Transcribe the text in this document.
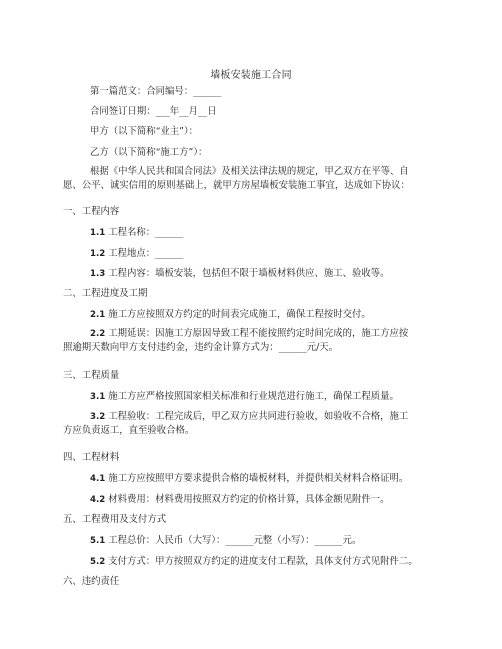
墙板安装施工合同
第一篇范文：合同编号：______
合同签订日期：___年__月__日
甲方（以下简称“业主”）：
乙方（以下简称“施工方”）：
根据《中华人民共和国合同法》及相关法律法规的规定，甲乙双方在平等、自
愿、公平、诚实信用的原则基础上，就甲方房屋墙板安装施工事宜，达成如下协议：
一、工程内容
1.1 工程名称：______
1.2 工程地点：______
1.3 工程内容：墙板安装，包括但不限于墙板材料供应、施工、验收等。
二、工程进度及工期
2.1 施工方应按照双方约定的时间表完成施工，确保工程按时交付。
2.2 工期延误：因施工方原因导致工程不能按照约定时间完成的，施工方应按
照逾期天数向甲方支付违约金，违约金计算方式为：______元/天。
三、工程质量
3.1 施工方应严格按照国家相关标准和行业规范进行施工，确保工程质量。
3.2 工程验收：工程完成后，甲乙双方应共同进行验收，如验收不合格，施工
方应负责返工，直至验收合格。
四、工程材料
4.1 施工方应按照甲方要求提供合格的墙板材料，并提供相关材料合格证明。
4.2 材料费用：材料费用按照双方约定的价格计算，具体金额见附件一。
五、工程费用及支付方式
5.1 工程总价：人民币（大写）：______元整（小写）：______元。
5.2 支付方式：甲方按照双方约定的进度支付工程款，具体支付方式见附件二。
六、违约责任
